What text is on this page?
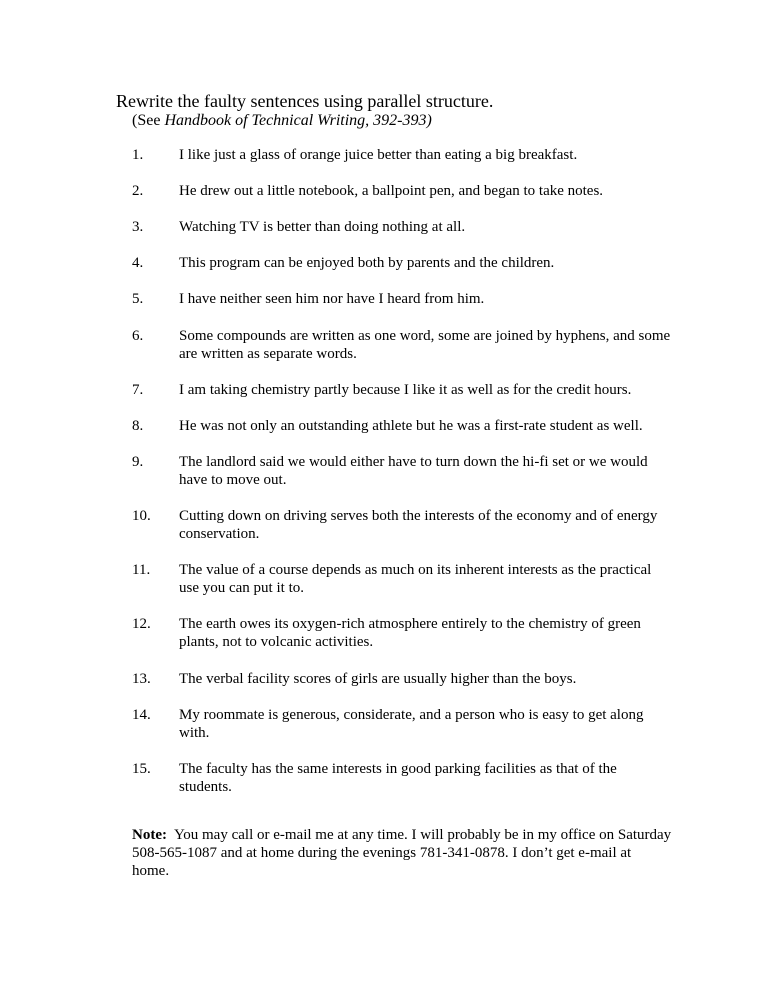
Rewrite the faulty sentences using parallel structure.
(See Handbook of Technical Writing, 392-393)
1.	I like just a glass of orange juice better than eating a big breakfast.
2.	He drew out a little notebook, a ballpoint pen, and began to take notes.
3.	Watching TV is better than doing nothing at all.
4.	This program can be enjoyed both by parents and the children.
5.	I have neither seen him nor have I heard from him.
6.	Some compounds are written as one word, some are joined by hyphens, and some are written as separate words.
7.	I am taking chemistry partly because I like it as well as for the credit hours.
8.	He was not only an outstanding athlete but he was a first-rate student as well.
9.	The landlord said we would either have to turn down the hi-fi set or we would have to move out.
10.	Cutting down on driving serves both the interests of the economy and of energy conservation.
11.	The value of a course depends as much on its inherent interests as the practical use you can put it to.
12.	The earth owes its oxygen-rich atmosphere entirely to the chemistry of green plants, not to volcanic activities.
13.	The verbal facility scores of girls are usually higher than the boys.
14.	My roommate is generous, considerate, and a person who is easy to get along with.
15.	The faculty has the same interests in good parking facilities as that of the students.
Note: You may call or e-mail me at any time. I will probably be in my office on Saturday 508-565-1087 and at home during the evenings 781-341-0878. I don’t get e-mail at home.
